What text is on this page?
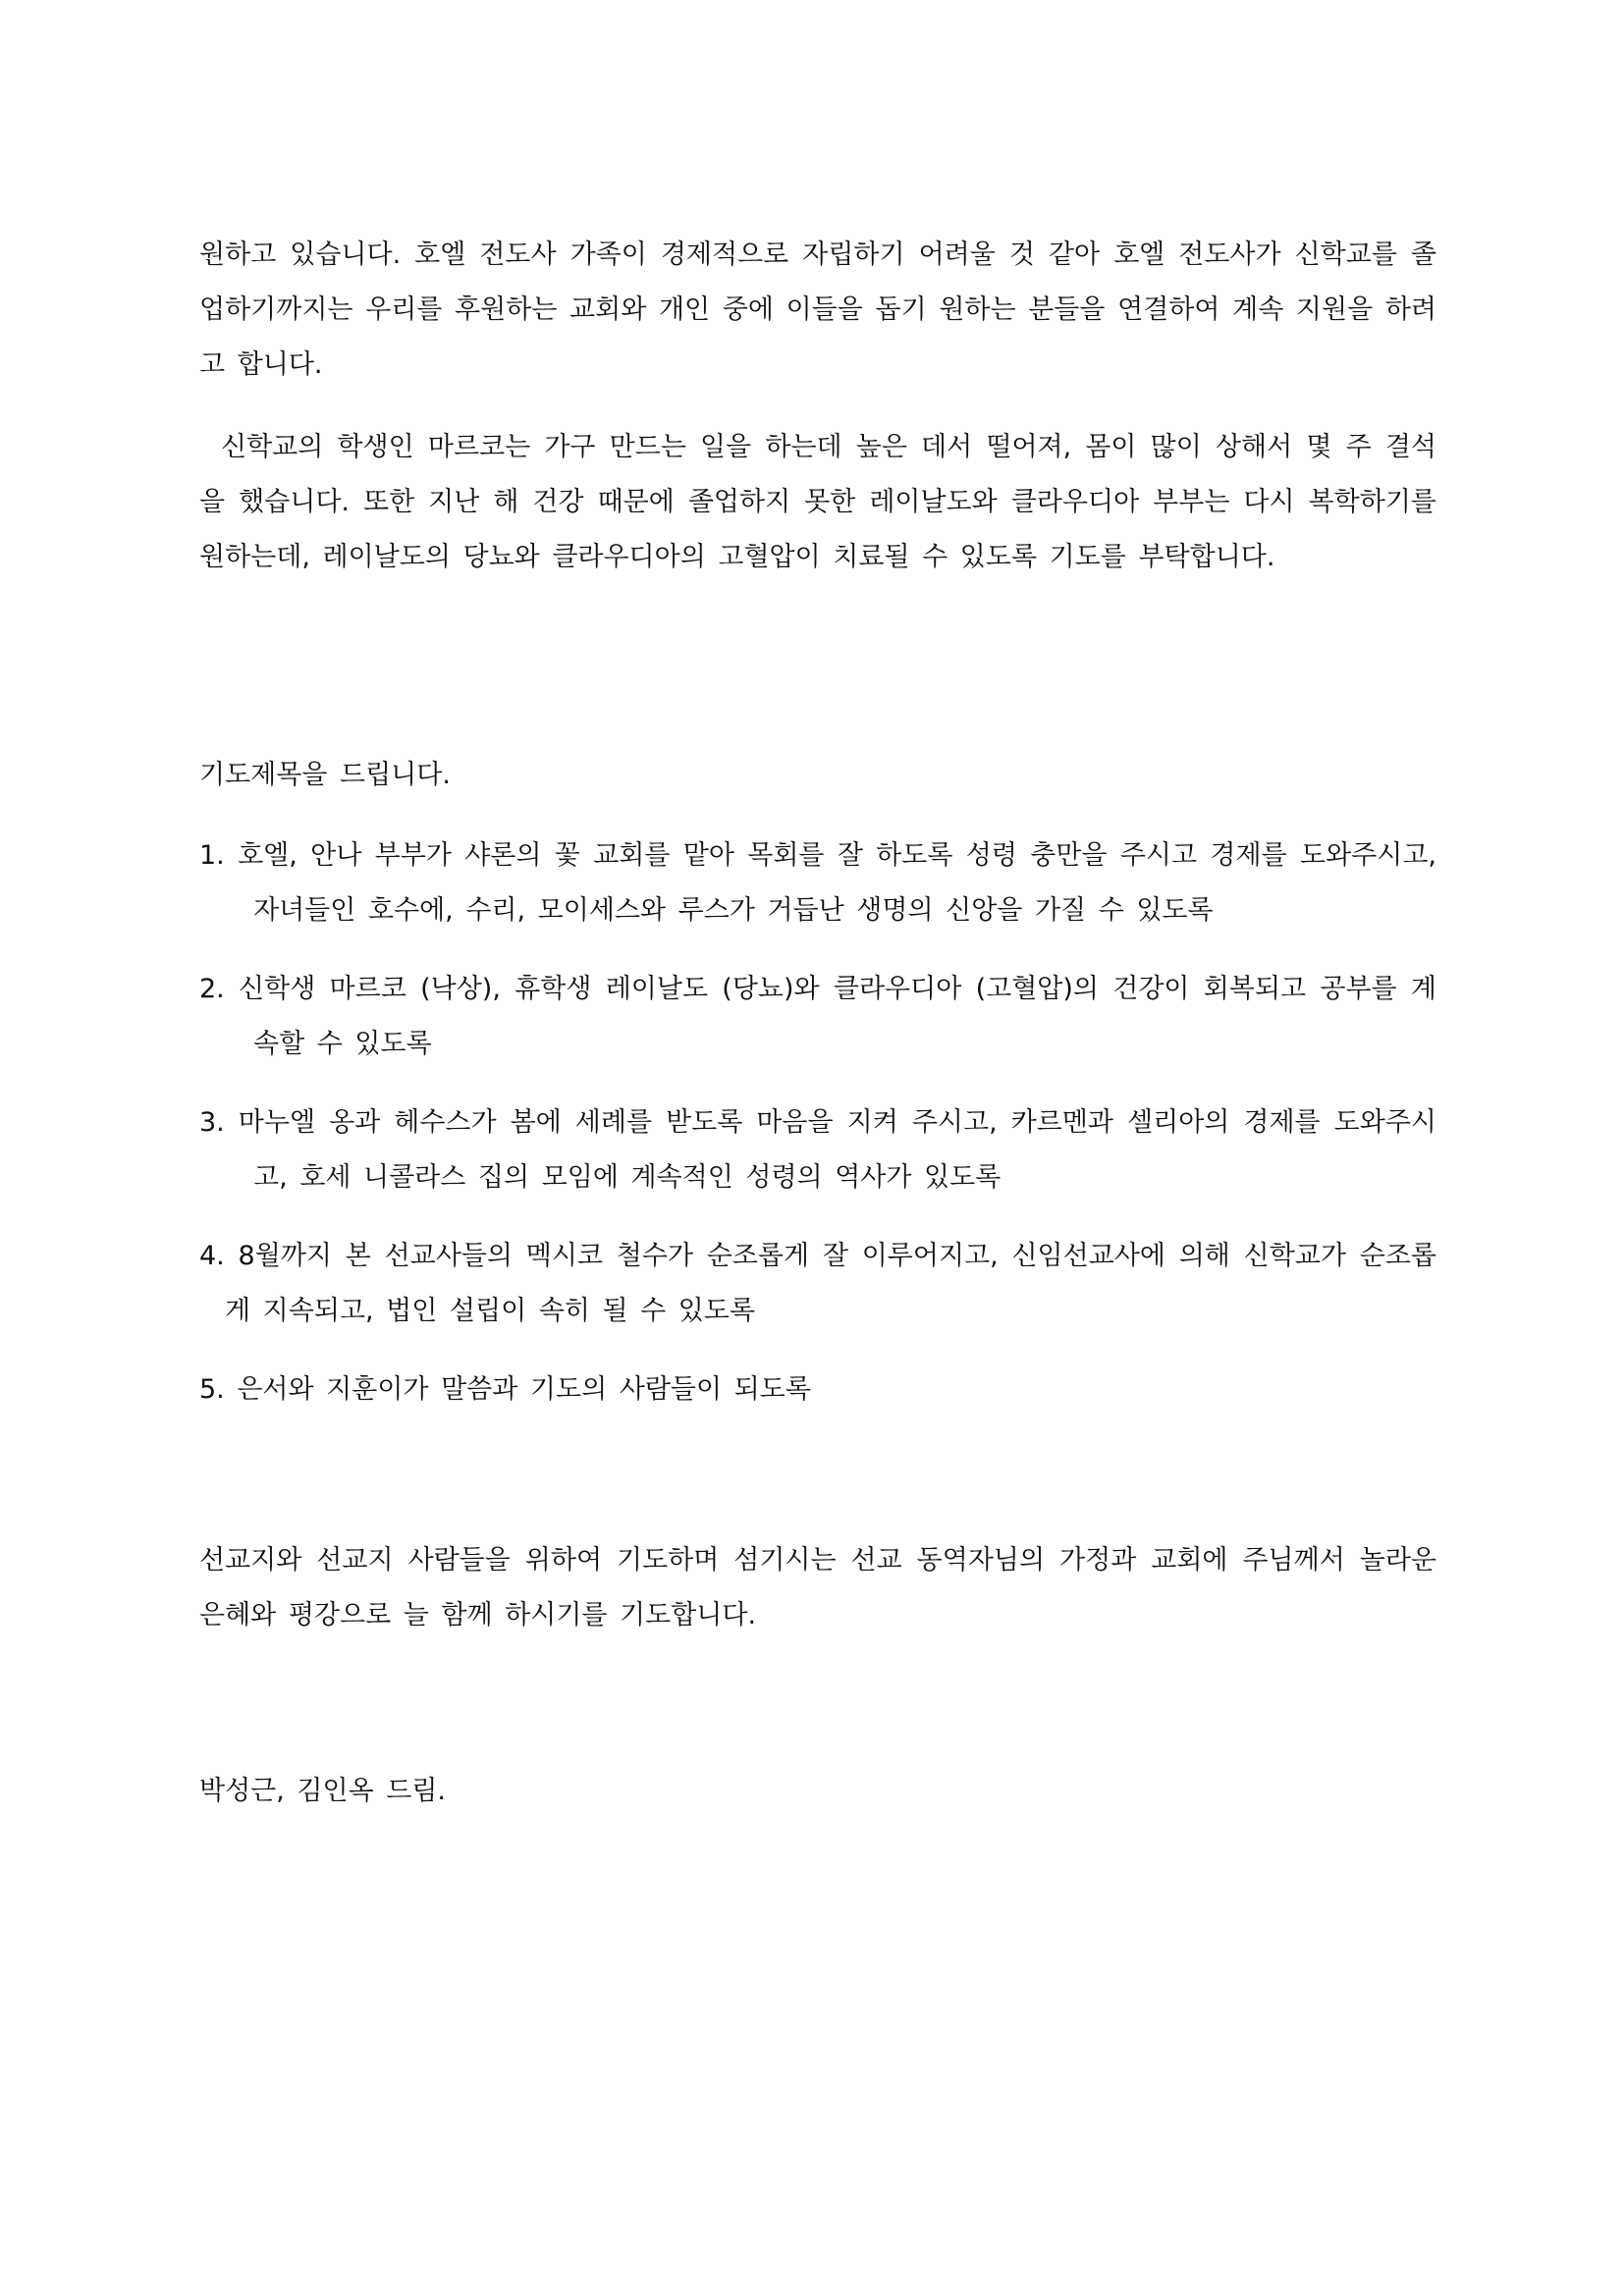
원하고 있습니다. 호엘 전도사 가족이 경제적으로 자립하기 어려울 것 같아 호엘 전도사가 신학교를 졸업하기까지는 우리를 후원하는 교회와 개인 중에 이들을 돕기 원하는 분들을 연결하여 계속 지원을 하려고 합니다.

신학교의 학생인 마르코는 가구 만드는 일을 하는데 높은 데서 떨어져, 몸이 많이 상해서 몇 주 결석을 했습니다. 또한 지난 해 건강 때문에 졸업하지 못한 레이날도와 클라우디아 부부는 다시 복학하기를 원하는데, 레이날도의 당뇨와 클라우디아의 고혈압이 치료될 수 있도록 기도를 부탁합니다.

기도제목을 드립니다.

1. 호엘, 안나 부부가 샤론의 꽃 교회를 맡아 목회를 잘 하도록 성령 충만을 주시고 경제를 도와주시고, 자녀들인 호수에, 수리, 모이세스와 루스가 거듭난 생명의 신앙을 가질 수 있도록
2. 신학생 마르코 (낙상), 휴학생 레이날도 (당뇨)와 클라우디아 (고혈압)의 건강이 회복되고 공부를 계속할 수 있도록
3. 마누엘 옹과 헤수스가 봄에 세례를 받도록 마음을 지켜 주시고, 카르멘과 셀리아의 경제를 도와주시고, 호세 니콜라스 집의 모임에 계속적인 성령의 역사가 있도록
4. 8월까지 본 선교사들의 멕시코 철수가 순조롭게 잘 이루어지고, 신임선교사에 의해 신학교가 순조롭게 지속되고, 법인 설립이 속히 될 수 있도록
5. 은서와 지훈이가 말씀과 기도의 사람들이 되도록

선교지와 선교지 사람들을 위하여 기도하며 섬기시는 선교 동역자님의 가정과 교회에 주님께서 놀라운 은혜와 평강으로 늘 함께 하시기를 기도합니다.

박성근, 김인옥 드림.
